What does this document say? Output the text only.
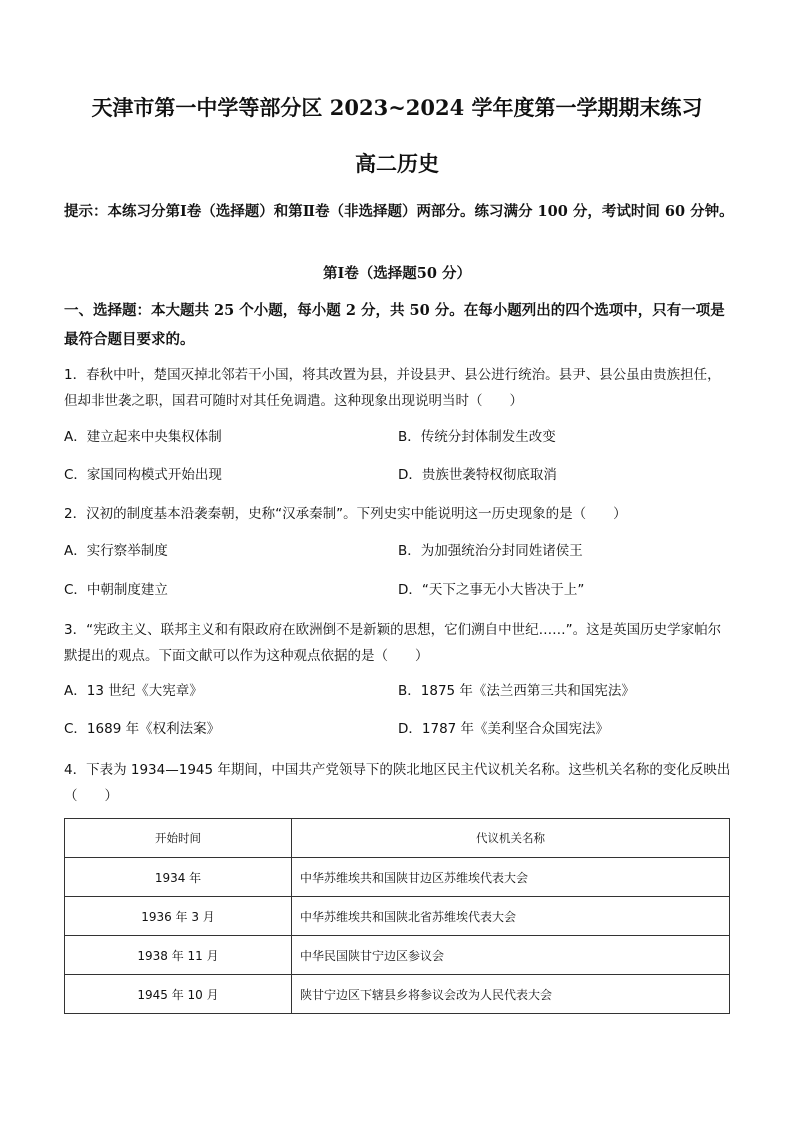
天津市第一中学等部分区 2023~2024 学年度第一学期期末练习
高二历史
提示：本练习分第Ⅰ卷（选择题）和第Ⅱ卷（非选择题）两部分。练习满分 100 分，考试时间 60 分钟。
第Ⅰ卷（选择题50 分）
一、选择题：本大题共 25 个小题，每小题 2 分，共 50 分。在每小题列出的四个选项中，只有一项是最符合题目要求的。
1．春秋中叶，楚国灭掉北邻若干小国，将其改置为县，并设县尹、县公进行统治。县尹、县公虽由贵族担任，但却非世袭之职，国君可随时对其任免调遣。这种现象出现说明当时（　　）
A．建立起来中央集权体制	B．传统分封体制发生改变
C．家国同构模式开始出现	D．贵族世袭特权彻底取消
2．汉初的制度基本沿袭秦朝，史称“汉承秦制”。下列史实中能说明这一历史现象的是（　　）
A．实行察举制度	B．为加强统治分封同姓诸侯王
C．中朝制度建立	D．“天下之事无小大皆决于上”
3．“宪政主义、联邦主义和有限政府在欧洲倒不是新颖的思想，它们溯自中世纪……”。这是英国历史学家帕尔默提出的观点。下面文献可以作为这种观点依据的是（　　）
A．13 世纪《大宪章》	B．1875 年《法兰西第三共和国宪法》
C．1689 年《权利法案》	D．1787 年《美利坚合众国宪法》
4．下表为 1934—1945 年期间，中国共产党领导下的陕北地区民主代议机关名称。这些机关名称的变化反映出（　　）
开始时间	代议机关名称
1934 年	中华苏维埃共和国陕甘边区苏维埃代表大会
1936 年 3 月	中华苏维埃共和国陕北省苏维埃代表大会
1938 年 11 月	中华民国陕甘宁边区参议会
1945 年 10 月	陕甘宁边区下辖县乡将参议会改为人民代表大会
